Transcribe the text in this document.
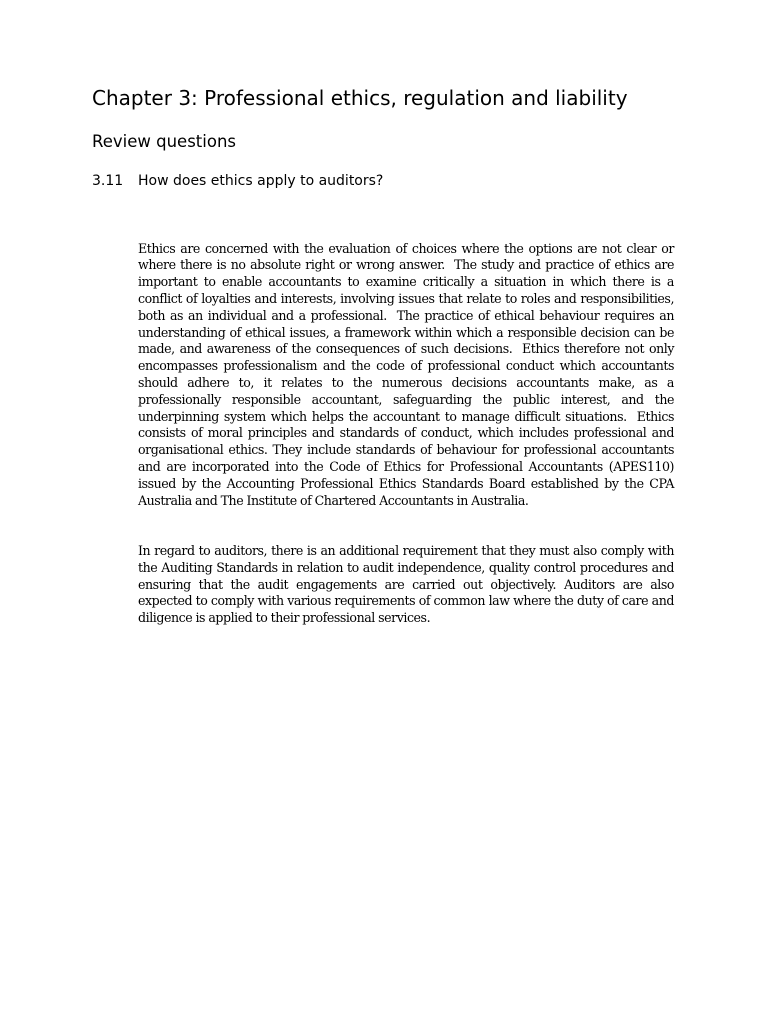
Chapter 3: Professional ethics, regulation and liability
Review questions
3.11 How does ethics apply to auditors?

Ethics are concerned with the evaluation of choices where the options are not clear or where there is no absolute right or wrong answer.  The study and practice of ethics are important to enable accountants to examine critically a situation in which there is a conflict of loyalties and interests, involving issues that relate to roles and responsibilities, both as an individual and a professional.  The practice of ethical behaviour requires an understanding of ethical issues, a framework within which a responsible decision can be made, and awareness of the consequences of such decisions.  Ethics therefore not only encompasses professionalism and the code of professional conduct which accountants should adhere to, it relates to the numerous decisions accountants make, as a professionally responsible accountant, safeguarding the public interest, and the underpinning system which helps the accountant to manage difficult situations.  Ethics consists of moral principles and standards of conduct, which includes professional and organisational ethics. They include standards of behaviour for professional accountants and are incorporated into the Code of Ethics for Professional Accountants (APES110) issued by the Accounting Professional Ethics Standards Board established by the CPA Australia and The Institute of Chartered Accountants in Australia.

In regard to auditors, there is an additional requirement that they must also comply with the Auditing Standards in relation to audit independence, quality control procedures and ensuring that the audit engagements are carried out objectively. Auditors are also expected to comply with various requirements of common law where the duty of care and diligence is applied to their professional services.
